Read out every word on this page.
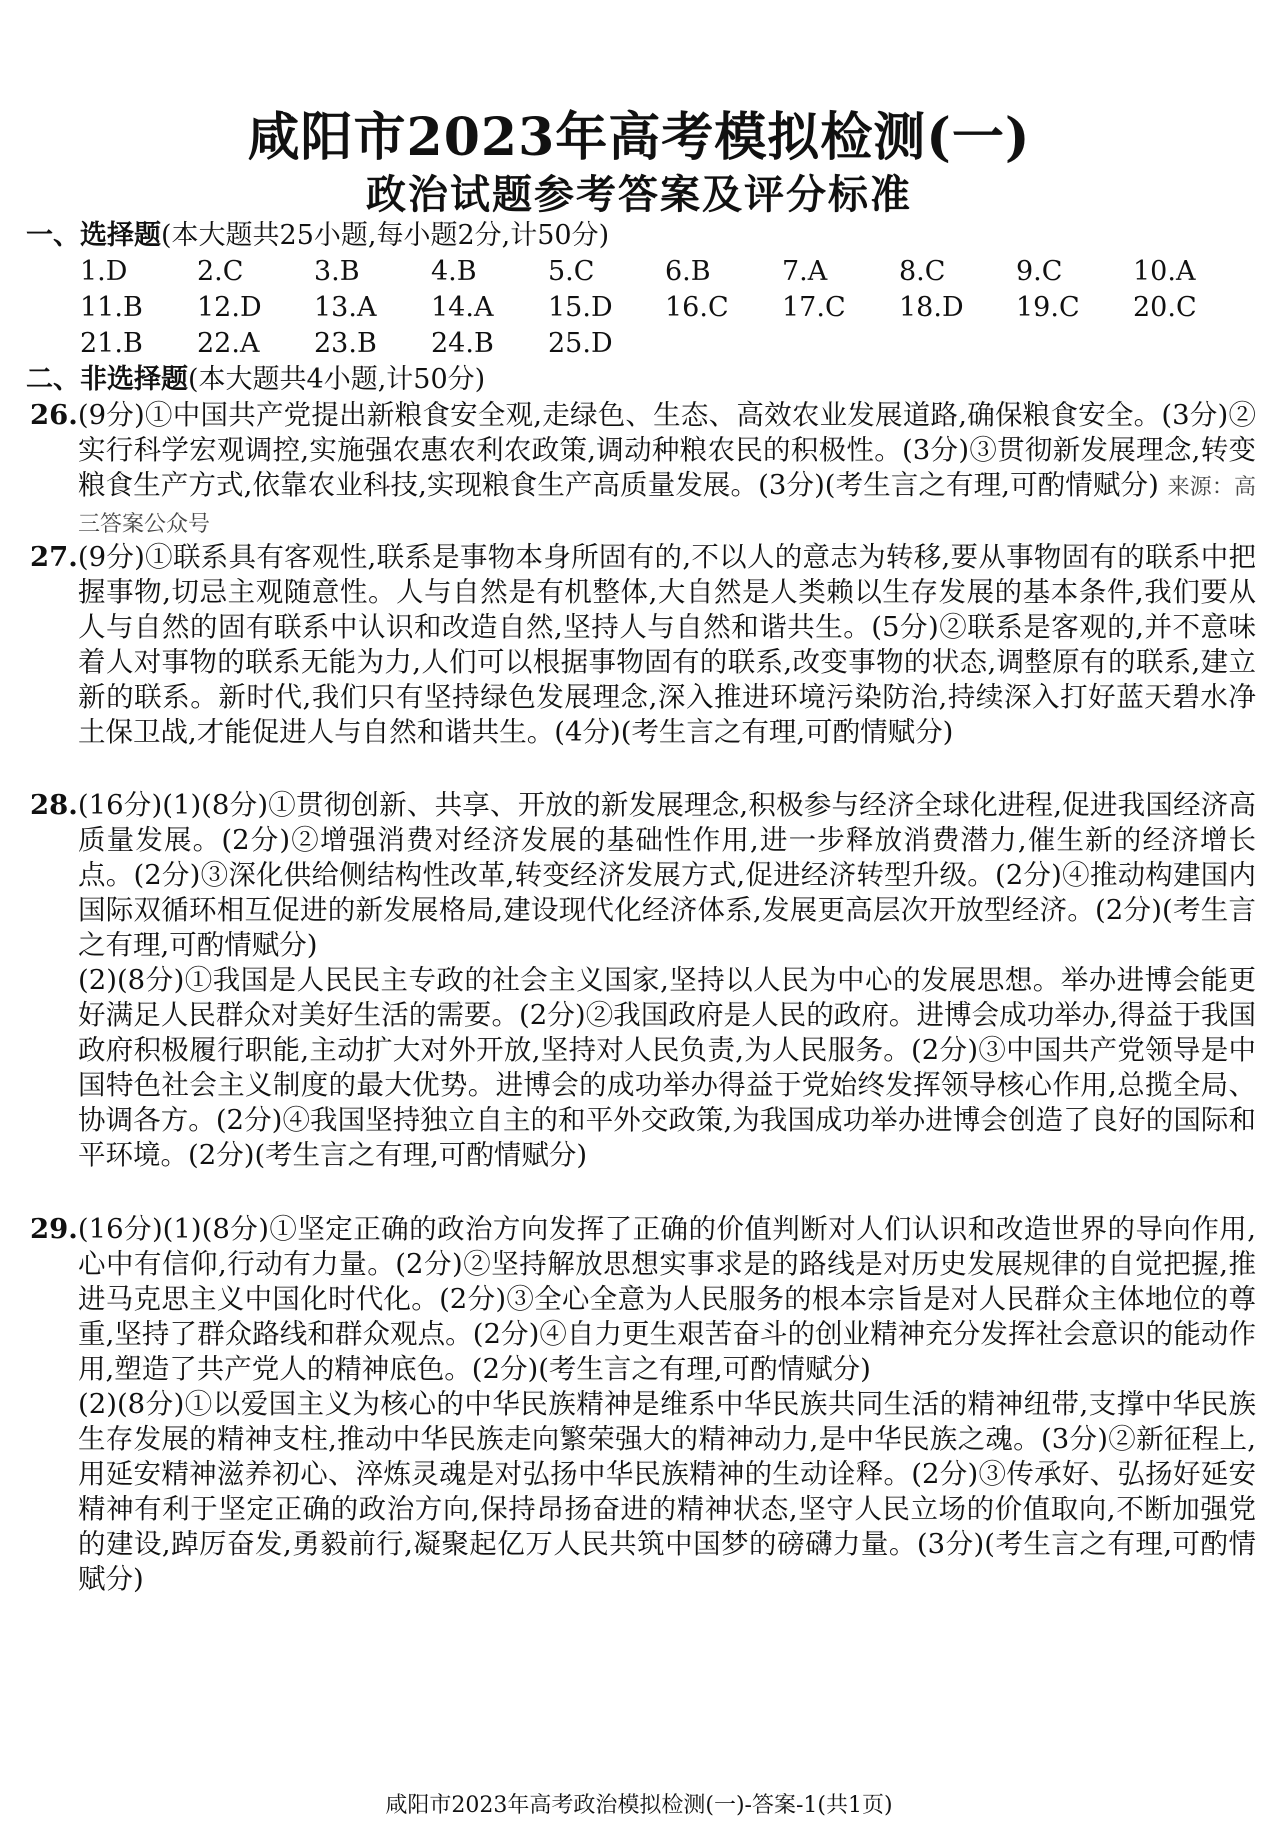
咸阳市2023年高考模拟检测(一)
政治试题参考答案及评分标准
一、选择题(本大题共25小题,每小题2分,计50分)
1.D	2.C	3.B	4.B	5.C	6.B	7.A	8.C	9.C	10.A
11.B 12.D 13.A 14.A 15.D 16.C 17.C 18.D 19.C 20.C
21.B 22.A 23.B 24.B 25.D
二、非选择题(本大题共4小题,计50分)
26.(9分)①中国共产党提出新粮食安全观,走绿色、生态、高效农业发展道路,确保粮食安全。(3分)②实行科学宏观调控,实施强农惠农利农政策,调动种粮农民的积极性。(3分)③贯彻新发展理念,转变粮食生产方式,依靠农业科技,实现粮食生产高质量发展。(3分)(考生言之有理,可酌情赋分) 来源：高三答案公众号
27.(9分)①联系具有客观性,联系是事物本身所固有的,不以人的意志为转移,要从事物固有的联系中把握事物,切忌主观随意性。人与自然是有机整体,大自然是人类赖以生存发展的基本条件,我们要从人与自然的固有联系中认识和改造自然,坚持人与自然和谐共生。(5分)②联系是客观的,并不意味着人对事物的联系无能为力,人们可以根据事物固有的联系,改变事物的状态,调整原有的联系,建立新的联系。新时代,我们只有坚持绿色发展理念,深入推进环境污染防治,持续深入打好蓝天碧水净土保卫战,才能促进人与自然和谐共生。(4分)(考生言之有理,可酌情赋分)
28.(16分)(1)(8分)①贯彻创新、共享、开放的新发展理念,积极参与经济全球化进程,促进我国经济高质量发展。(2分)②增强消费对经济发展的基础性作用,进一步释放消费潜力,催生新的经济增长点。(2分)③深化供给侧结构性改革,转变经济发展方式,促进经济转型升级。(2分)④推动构建国内国际双循环相互促进的新发展格局,建设现代化经济体系,发展更高层次开放型经济。(2分)(考生言之有理,可酌情赋分)
(2)(8分)①我国是人民民主专政的社会主义国家,坚持以人民为中心的发展思想。举办进博会能更好满足人民群众对美好生活的需要。(2分)②我国政府是人民的政府。进博会成功举办,得益于我国政府积极履行职能,主动扩大对外开放,坚持对人民负责,为人民服务。(2分)③中国共产党领导是中国特色社会主义制度的最大优势。进博会的成功举办得益于党始终发挥领导核心作用,总揽全局、协调各方。(2分)④我国坚持独立自主的和平外交政策,为我国成功举办进博会创造了良好的国际和平环境。(2分)(考生言之有理,可酌情赋分)
29.(16分)(1)(8分)①坚定正确的政治方向发挥了正确的价值判断对人们认识和改造世界的导向作用,心中有信仰,行动有力量。(2分)②坚持解放思想实事求是的路线是对历史发展规律的自觉把握,推进马克思主义中国化时代化。(2分)③全心全意为人民服务的根本宗旨是对人民群众主体地位的尊重,坚持了群众路线和群众观点。(2分)④自力更生艰苦奋斗的创业精神充分发挥社会意识的能动作用,塑造了共产党人的精神底色。(2分)(考生言之有理,可酌情赋分)
(2)(8分)①以爱国主义为核心的中华民族精神是维系中华民族共同生活的精神纽带,支撑中华民族生存发展的精神支柱,推动中华民族走向繁荣强大的精神动力,是中华民族之魂。(3分)②新征程上,用延安精神滋养初心、淬炼灵魂是对弘扬中华民族精神的生动诠释。(2分)③传承好、弘扬好延安精神有利于坚定正确的政治方向,保持昂扬奋进的精神状态,坚守人民立场的价值取向,不断加强党的建设,踔厉奋发,勇毅前行,凝聚起亿万人民共筑中国梦的磅礴力量。(3分)(考生言之有理,可酌情赋分)
咸阳市2023年高考政治模拟检测(一)-答案-1(共1页)
